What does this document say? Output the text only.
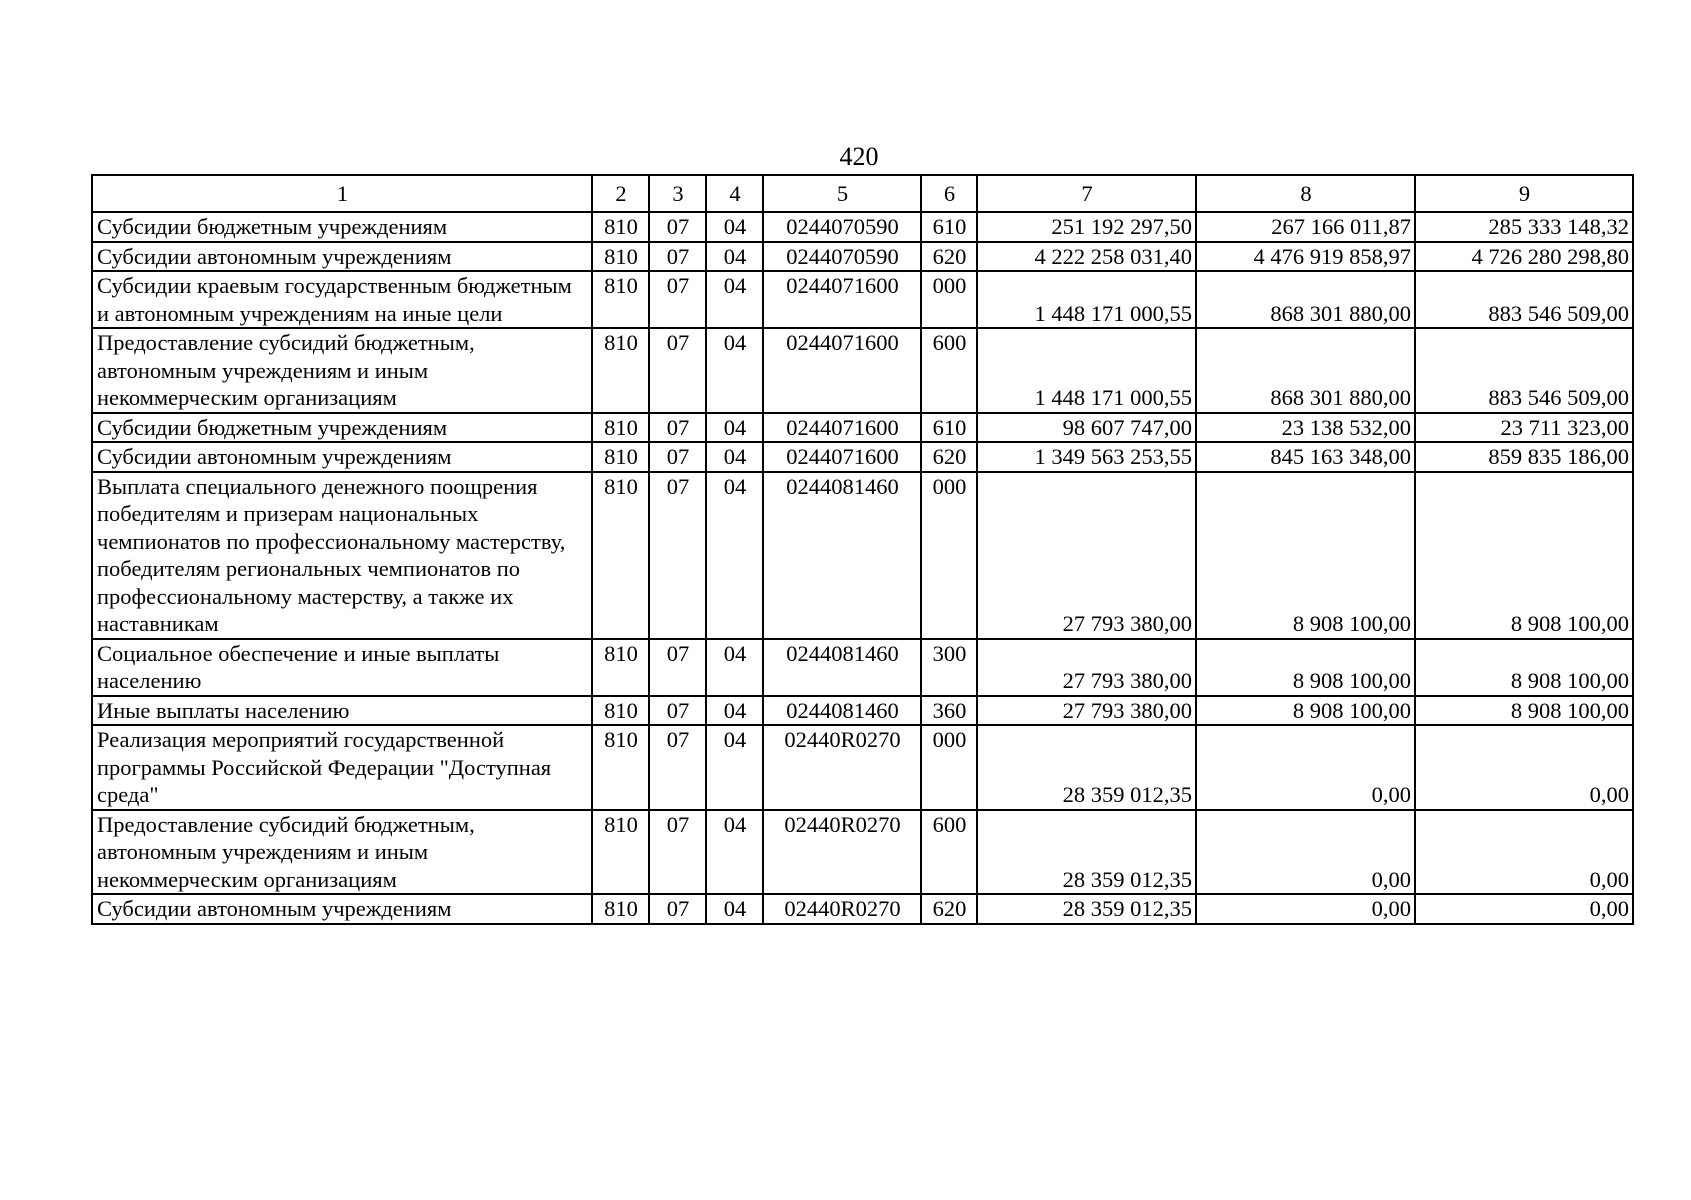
420
1	2	3	4	5	6	7	8	9
Субсидии бюджетным учреждениям	810	07	04	0244070590	610	251 192 297,50	267 166 011,87	285 333 148,32
Субсидии автономным учреждениям	810	07	04	0244070590	620	4 222 258 031,40	4 476 919 858,97	4 726 280 298,80
Субсидии краевым государственным бюджетным и автономным учреждениям на иные цели	810	07	04	0244071600	000	1 448 171 000,55	868 301 880,00	883 546 509,00
Предоставление субсидий бюджетным, автономным учреждениям и иным некоммерческим организациям	810	07	04	0244071600	600	1 448 171 000,55	868 301 880,00	883 546 509,00
Субсидии бюджетным учреждениям	810	07	04	0244071600	610	98 607 747,00	23 138 532,00	23 711 323,00
Субсидии автономным учреждениям	810	07	04	0244071600	620	1 349 563 253,55	845 163 348,00	859 835 186,00
Выплата специального денежного поощрения победителям и призерам национальных чемпионатов по профессиональному мастерству, победителям региональных чемпионатов по профессиональному мастерству, а также их наставникам	810	07	04	0244081460	000	27 793 380,00	8 908 100,00	8 908 100,00
Социальное обеспечение и иные выплаты населению	810	07	04	0244081460	300	27 793 380,00	8 908 100,00	8 908 100,00
Иные выплаты населению	810	07	04	0244081460	360	27 793 380,00	8 908 100,00	8 908 100,00
Реализация мероприятий государственной программы Российской Федерации "Доступная среда"	810	07	04	02440R0270	000	28 359 012,35	0,00	0,00
Предоставление субсидий бюджетным, автономным учреждениям и иным некоммерческим организациям	810	07	04	02440R0270	600	28 359 012,35	0,00	0,00
Субсидии автономным учреждениям	810	07	04	02440R0270	620	28 359 012,35	0,00	0,00
